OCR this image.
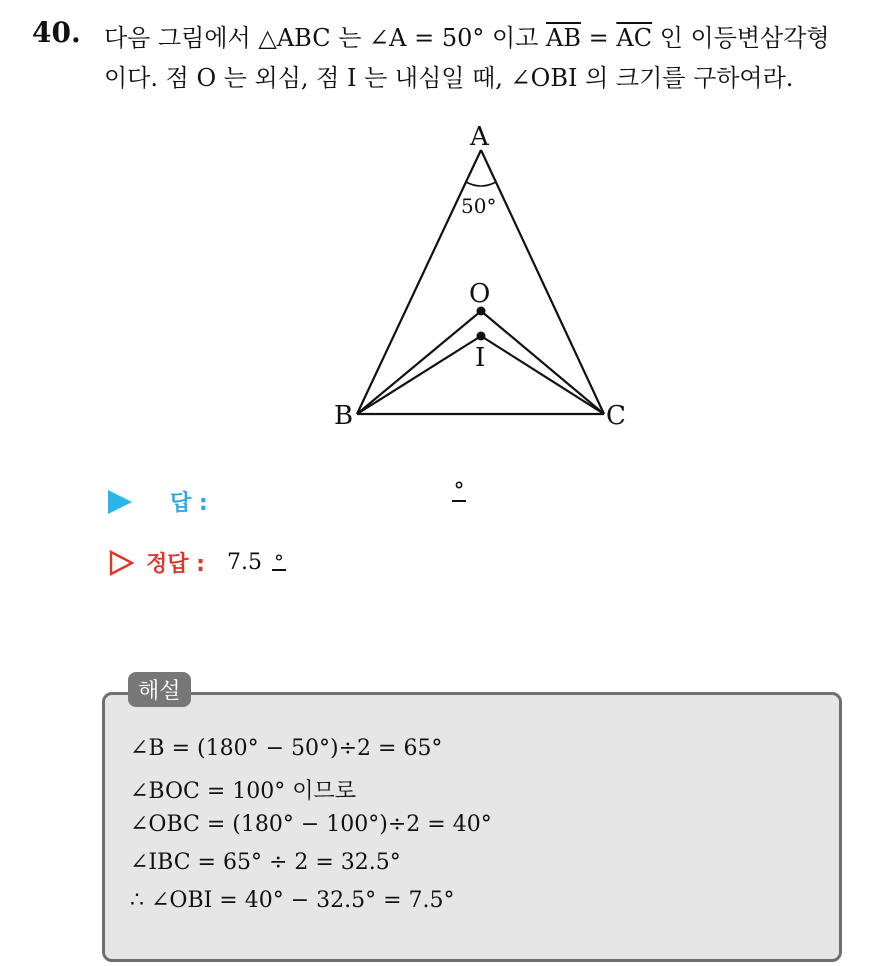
40. 다음 그림에서 △ABC 는 ∠A = 50° 이고 $\overline{AB} = \overline{AC}$ 인 이등변삼각형
이다. 점 O 는 외심, 점 I 는 내심일 때, ∠OBI 의 크기를 구하여라.
A
B	C
O
I
50°
답 :	°
정답 : 7.5 °
해설
∠B = (180° − 50°)÷2 = 65°
∠BOC = 100° 이므로
∠OBC = (180° − 100°)÷2 = 40°
∠IBC = 65° ÷ 2 = 32.5°
∴ ∠OBI = 40° − 32.5° = 7.5°
